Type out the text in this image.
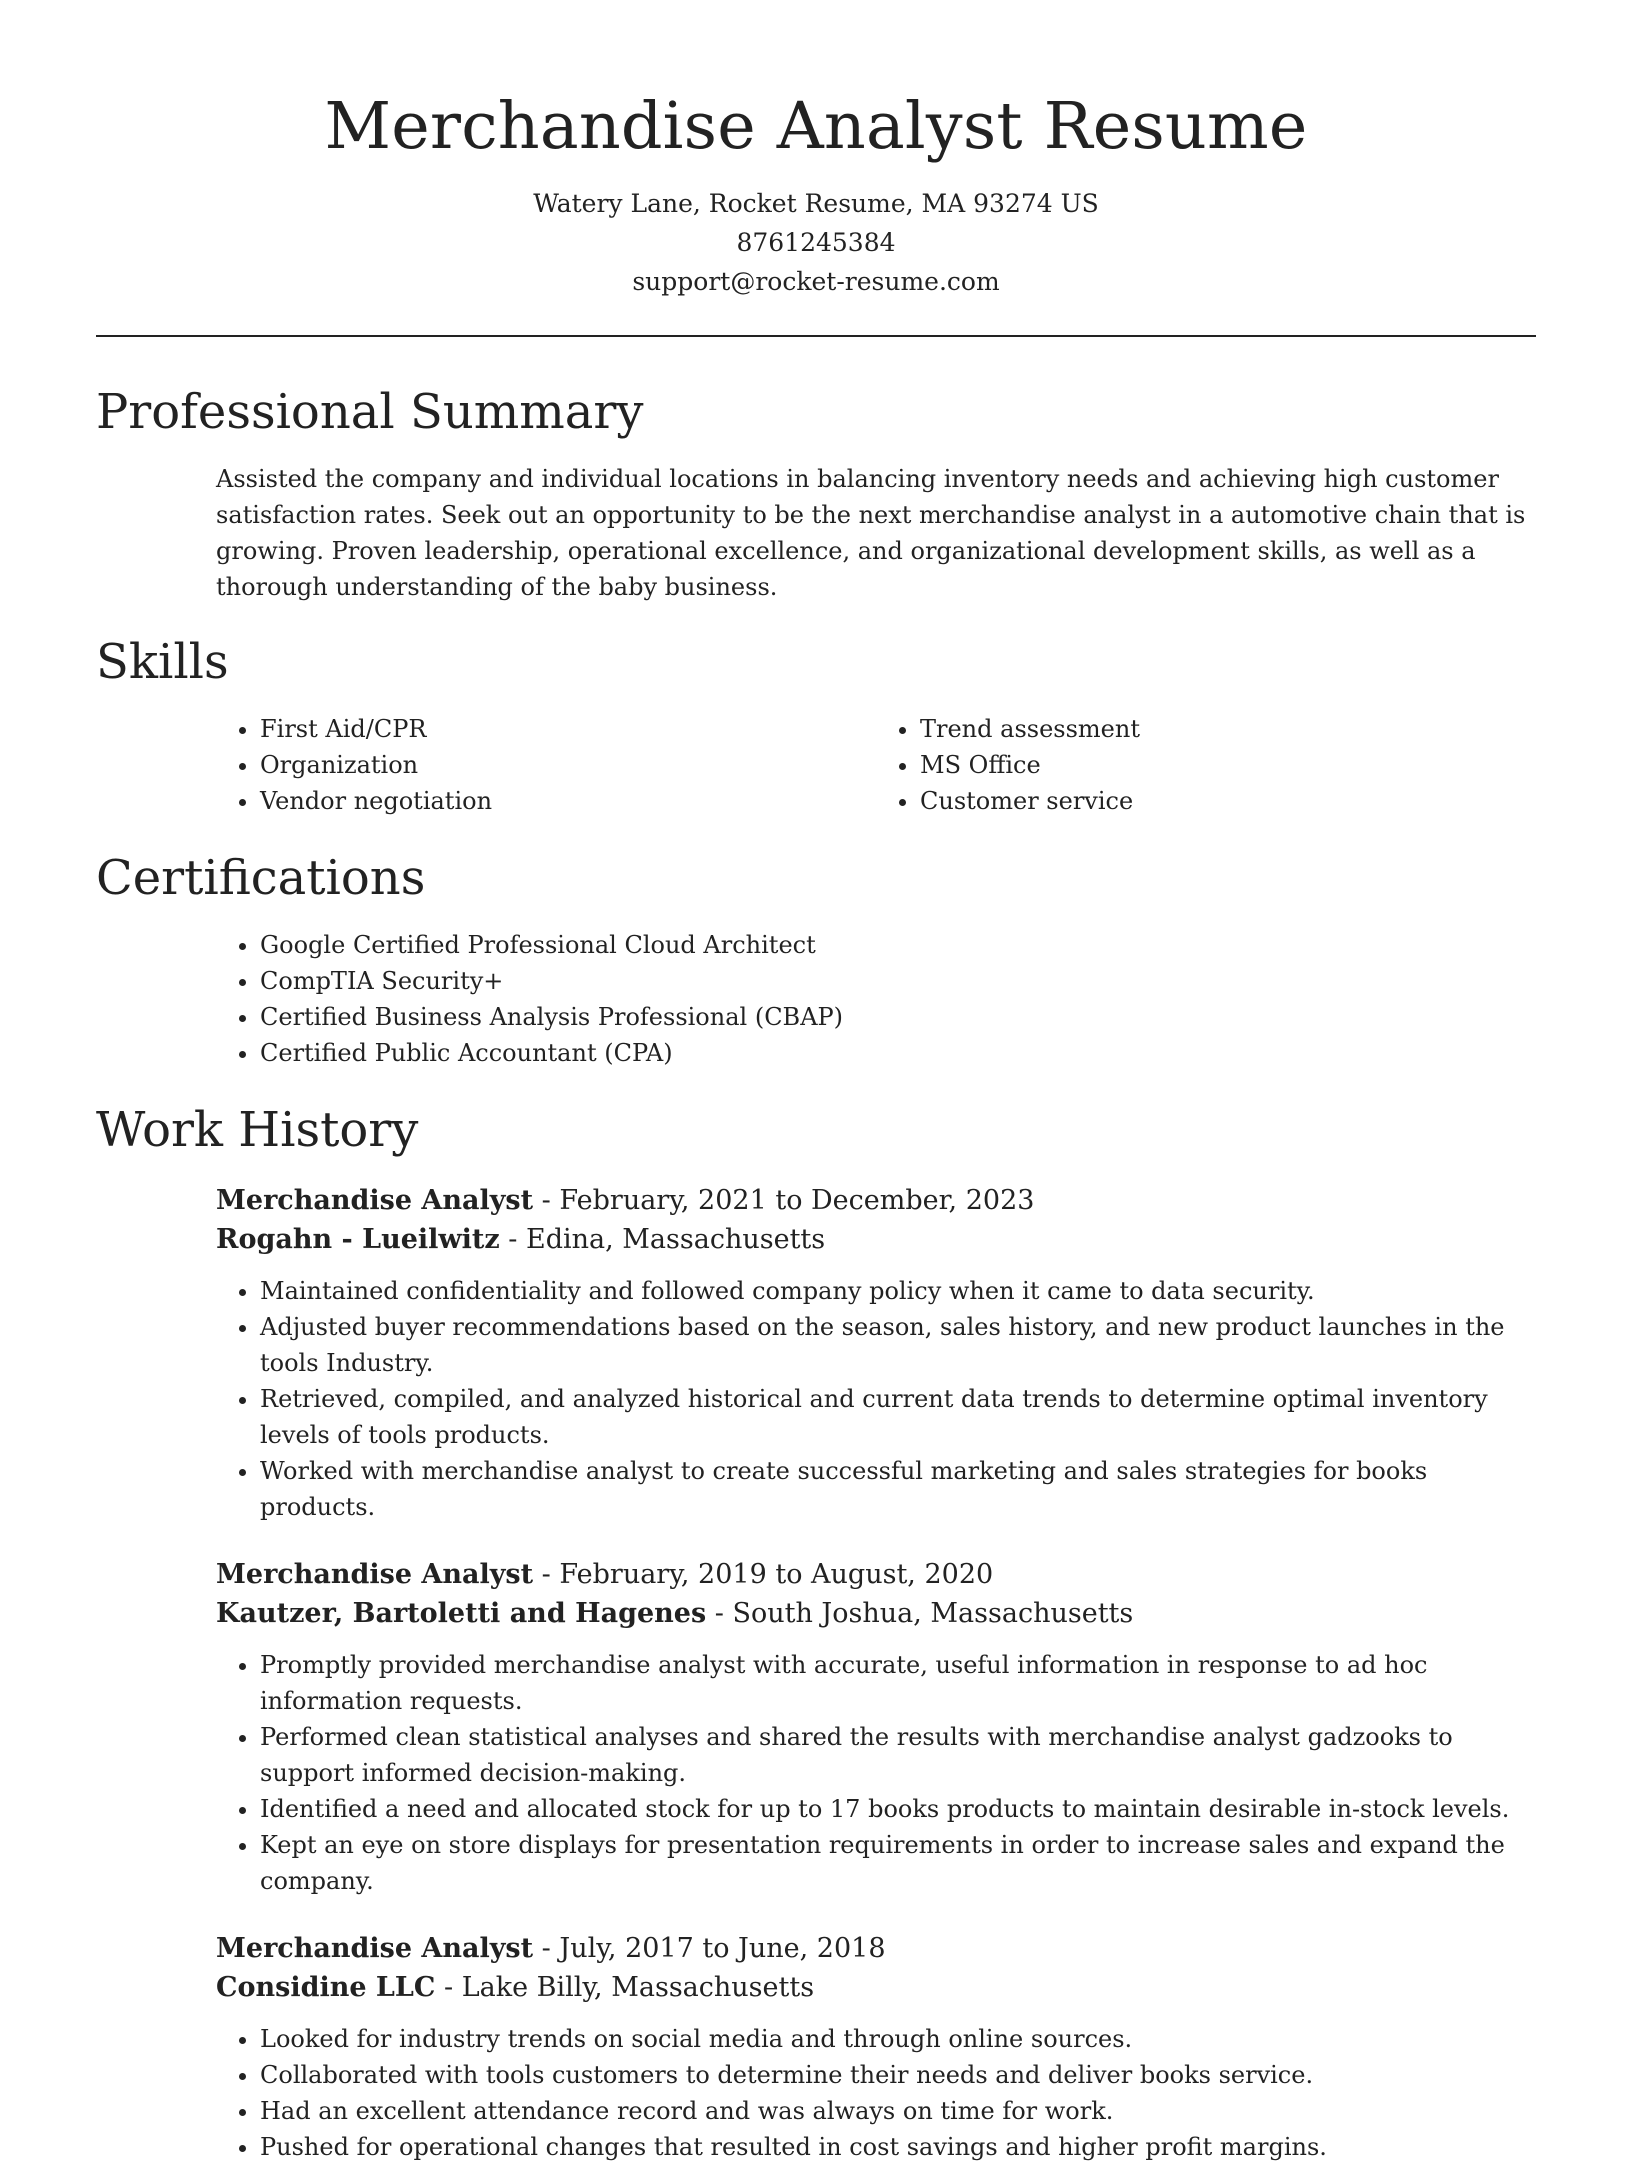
Merchandise Analyst Resume
Watery Lane, Rocket Resume, MA 93274 US
8761245384
support@rocket-resume.com
Professional Summary
Assisted the company and individual locations in balancing inventory needs and achieving high customer satisfaction rates. Seek out an opportunity to be the next merchandise analyst in a automotive chain that is growing. Proven leadership, operational excellence, and organizational development skills, as well as a thorough understanding of the baby business.
Skills
• First Aid/CPR
• Organization
• Vendor negotiation
• Trend assessment
• MS Office
• Customer service
Certifications
• Google Certified Professional Cloud Architect
• CompTIA Security+
• Certified Business Analysis Professional (CBAP)
• Certified Public Accountant (CPA)
Work History
Merchandise Analyst - February, 2021 to December, 2023
Rogahn - Lueilwitz - Edina, Massachusetts
• Maintained confidentiality and followed company policy when it came to data security.
• Adjusted buyer recommendations based on the season, sales history, and new product launches in the tools Industry.
• Retrieved, compiled, and analyzed historical and current data trends to determine optimal inventory levels of tools products.
• Worked with merchandise analyst to create successful marketing and sales strategies for books products.
Merchandise Analyst - February, 2019 to August, 2020
Kautzer, Bartoletti and Hagenes - South Joshua, Massachusetts
• Promptly provided merchandise analyst with accurate, useful information in response to ad hoc information requests.
• Performed clean statistical analyses and shared the results with merchandise analyst gadzooks to support informed decision-making.
• Identified a need and allocated stock for up to 17 books products to maintain desirable in-stock levels.
• Kept an eye on store displays for presentation requirements in order to increase sales and expand the company.
Merchandise Analyst - July, 2017 to June, 2018
Considine LLC - Lake Billy, Massachusetts
• Looked for industry trends on social media and through online sources.
• Collaborated with tools customers to determine their needs and deliver books service.
• Had an excellent attendance record and was always on time for work.
• Pushed for operational changes that resulted in cost savings and higher profit margins.
